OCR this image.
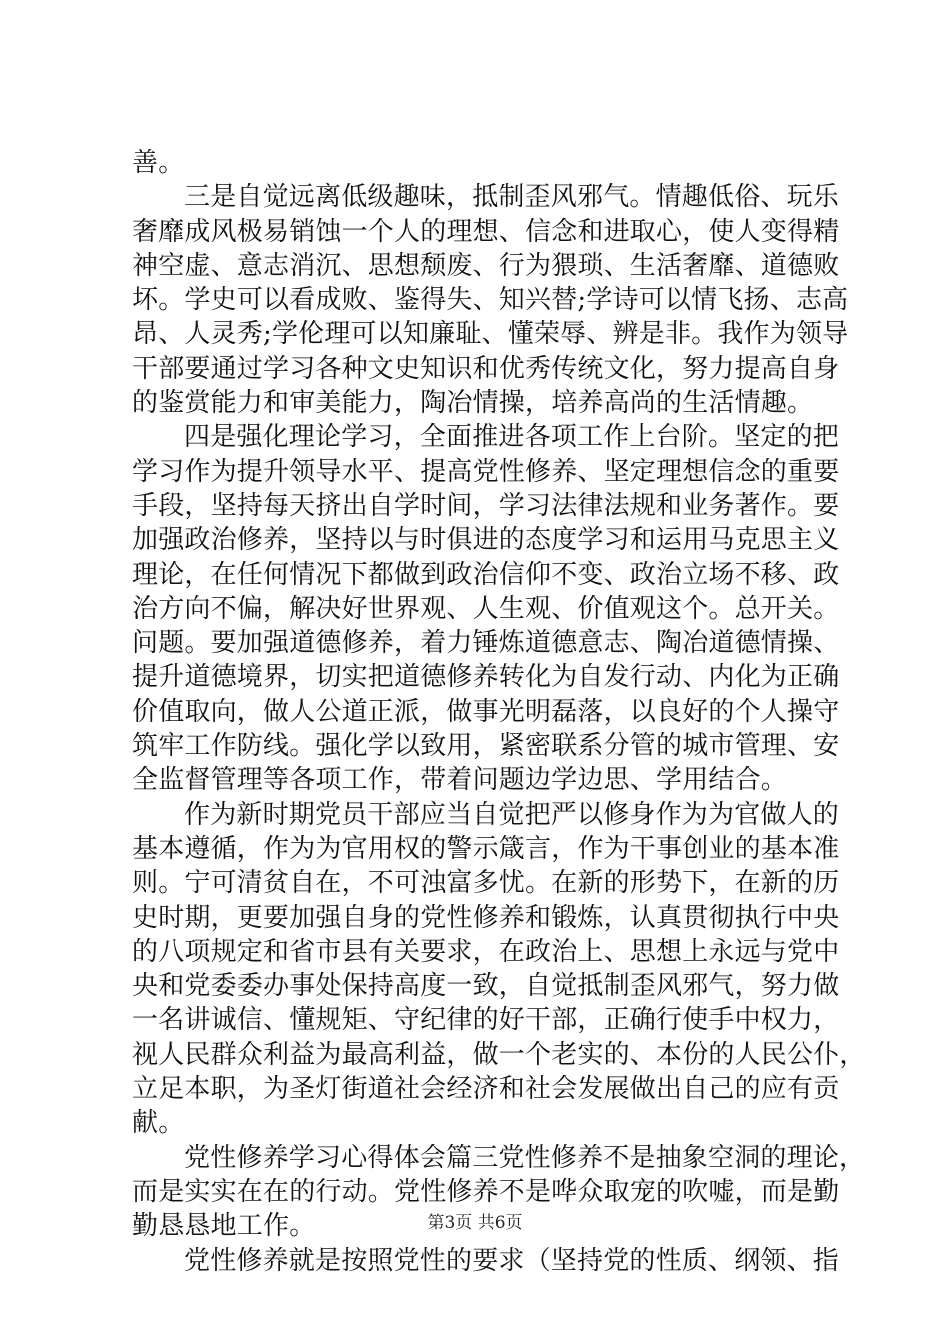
善。
三是自觉远离低级趣味，抵制歪风邪气。情趣低俗、玩乐
奢靡成风极易销蚀一个人的理想、信念和进取心，使人变得精
神空虚、意志消沉、思想颓废、行为猥琐、生活奢靡、道德败
坏。学史可以看成败、鉴得失、知兴替;学诗可以情飞扬、志高
昂、人灵秀;学伦理可以知廉耻、懂荣辱、辨是非。我作为领导
干部要通过学习各种文史知识和优秀传统文化，努力提高自身
的鉴赏能力和审美能力，陶冶情操，培养高尚的生活情趣。
四是强化理论学习，全面推进各项工作上台阶。坚定的把
学习作为提升领导水平、提高党性修养、坚定理想信念的重要
手段，坚持每天挤出自学时间，学习法律法规和业务著作。要
加强政治修养，坚持以与时俱进的态度学习和运用马克思主义
理论，在任何情况下都做到政治信仰不变、政治立场不移、政
治方向不偏，解决好世界观、人生观、价值观这个。总开关。
问题。要加强道德修养，着力锤炼道德意志、陶冶道德情操、
提升道德境界，切实把道德修养转化为自发行动、内化为正确
价值取向，做人公道正派，做事光明磊落，以良好的个人操守
筑牢工作防线。强化学以致用，紧密联系分管的城市管理、安
全监督管理等各项工作，带着问题边学边思、学用结合。
作为新时期党员干部应当自觉把严以修身作为为官做人的
基本遵循，作为为官用权的警示箴言，作为干事创业的基本准
则。宁可清贫自在，不可浊富多忧。在新的形势下，在新的历
史时期，更要加强自身的党性修养和锻炼，认真贯彻执行中央
的八项规定和省市县有关要求，在政治上、思想上永远与党中
央和党委委办事处保持高度一致，自觉抵制歪风邪气，努力做
一名讲诚信、懂规矩、守纪律的好干部，正确行使手中权力，
视人民群众利益为最高利益，做一个老实的、本份的人民公仆，
立足本职，为圣灯街道社会经济和社会发展做出自己的应有贡
献。
党性修养学习心得体会篇三党性修养不是抽象空洞的理论，
而是实实在在的行动。党性修养不是哗众取宠的吹嘘，而是勤
勤恳恳地工作。
党性修养就是按照党性的要求（坚持党的性质、纲领、指
第3页 共6页
